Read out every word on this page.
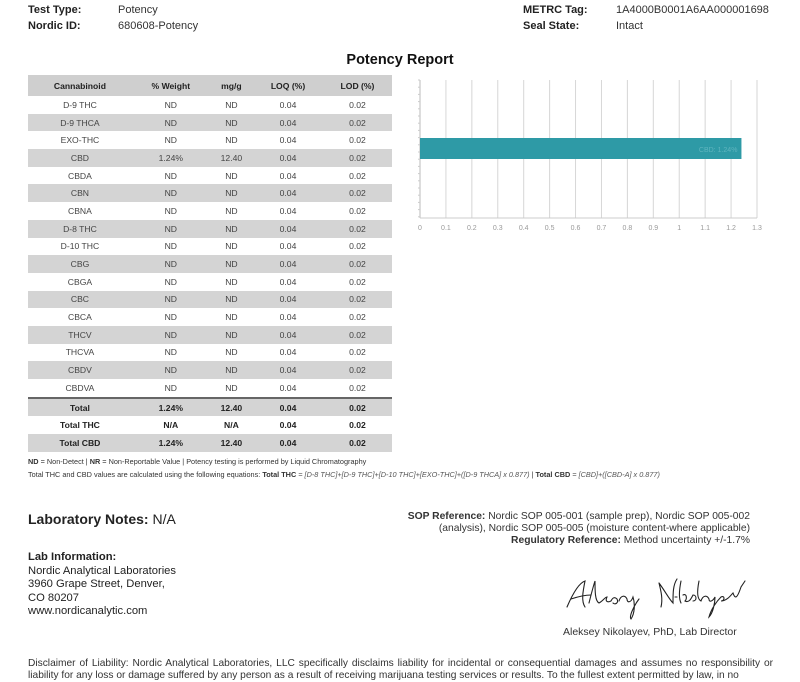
Test Type:	Potency
Nordic ID:	680608-Potency
METRC Tag:	1A4000B0001A6AA000001698
Seal State:	Intact
Potency Report
Cannabinoid	% Weight	mg/g	LOQ (%)	LOD (%)
D-9 THC	ND	ND	0.04	0.02
D-9 THCA	ND	ND	0.04	0.02
EXO-THC	ND	ND	0.04	0.02
CBD	1.24%	12.40	0.04	0.02
CBDA	ND	ND	0.04	0.02
CBN	ND	ND	0.04	0.02
CBNA	ND	ND	0.04	0.02
D-8 THC	ND	ND	0.04	0.02
D-10 THC	ND	ND	0.04	0.02
CBG	ND	ND	0.04	0.02
CBGA	ND	ND	0.04	0.02
CBC	ND	ND	0.04	0.02
CBCA	ND	ND	0.04	0.02
THCV	ND	ND	0.04	0.02
THCVA	ND	ND	0.04	0.02
CBDV	ND	ND	0.04	0.02
CBDVA	ND	ND	0.04	0.02
Total	1.24%	12.40	0.04	0.02
Total THC	N/A	N/A	0.04	0.02
Total CBD	1.24%	12.40	0.04	0.02
0	0.1 0.2 0.3 0.4 0.5 0.6 0.7 0.8 0.9	1	1.1 1.2 1.3
CBD: 1.24%
ND = Non-Detect | NR = Non-Reportable Value | Potency testing is performed by Liquid Chromatography
Total THC and CBD values are calculated using the following equations: Total THC = [D-8 THC]+[D-9 THC]+[D-10 THC]+[EXO-THC]+([D-9 THCA] x 0.877) | Total CBD = [CBD]+([CBD-A] x 0.877)
Laboratory Notes: N/A
Lab Information:
Nordic Analytical Laboratories
3960 Grape Street, Denver,
CO 80207
www.nordicanalytic.com
SOP Reference: Nordic SOP 005-001 (sample prep), Nordic SOP 005-002 (analysis), Nordic SOP 005-005 (moisture content-where applicable)
Regulatory Reference: Method uncertainty +/-1.7%
Aleksey Nikolayev, PhD, Lab Director
Disclaimer of Liability: Nordic Analytical Laboratories, LLC specifically disclaims liability for incidental or consequential damages and assumes no responsibility or liability for any loss or damage suffered by any person as a result of receiving marijuana testing services or results. To the fullest extent permitted by law, in no
